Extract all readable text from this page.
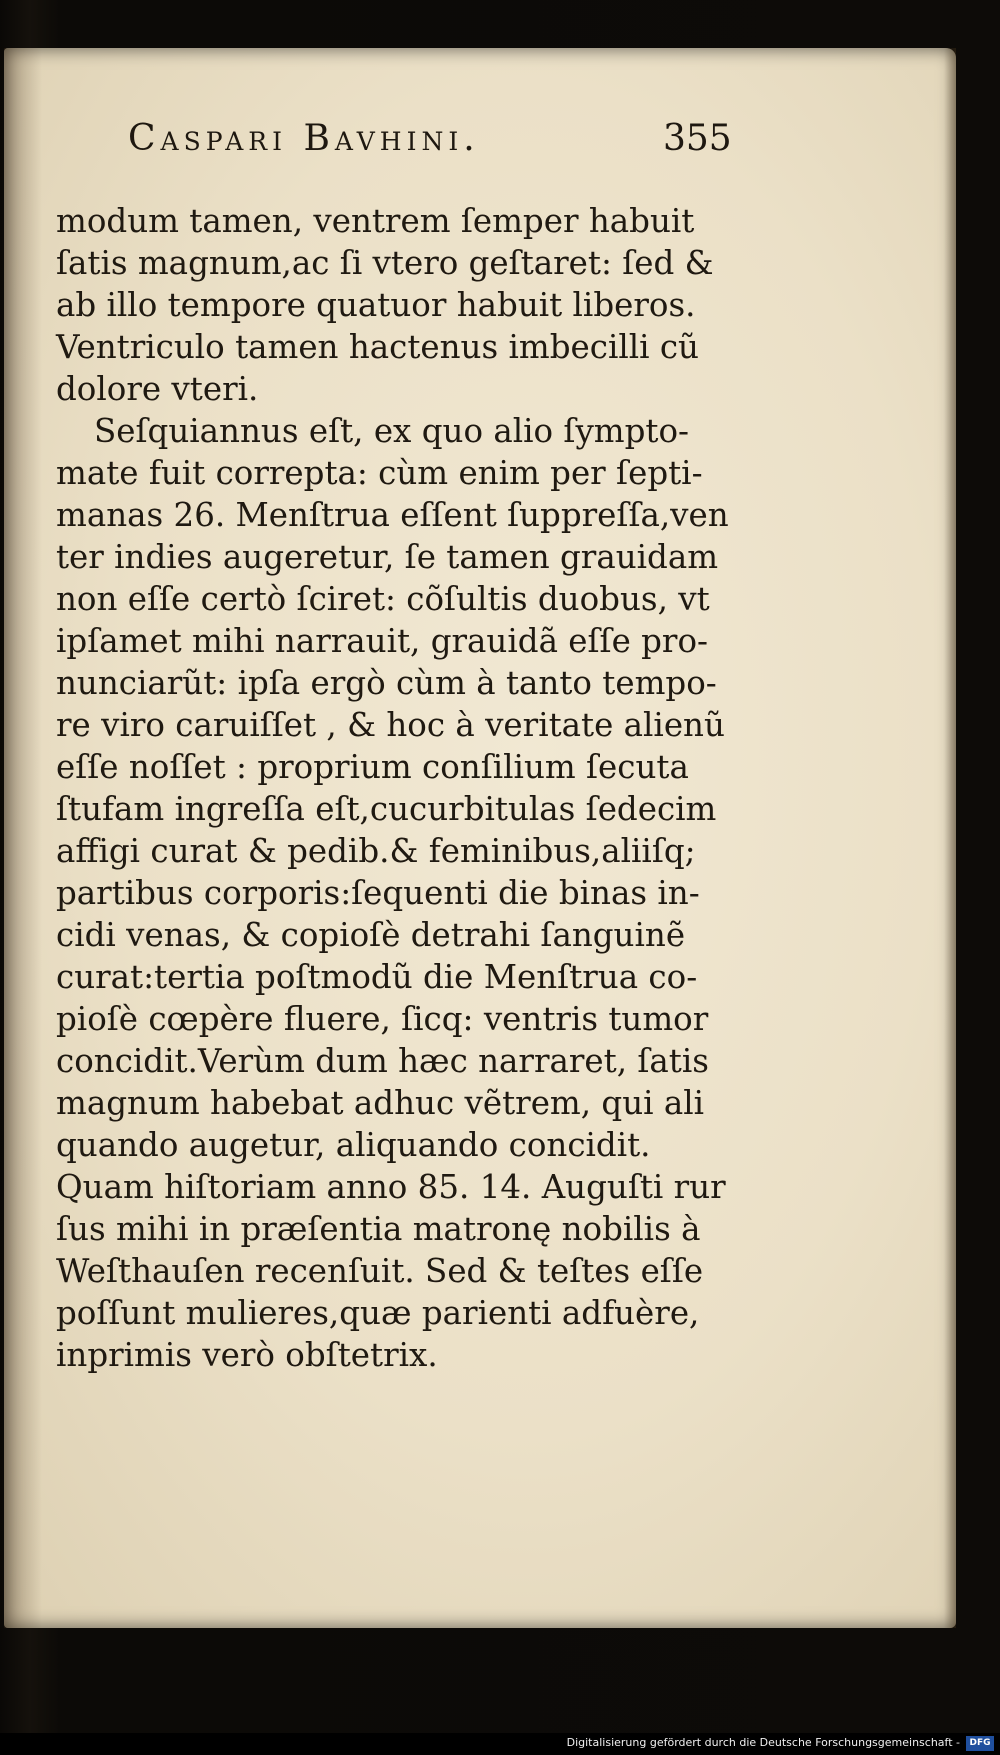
Caspari Bavhini.	355
modum tamen, ventrem ſemper habuit
ſatis magnum,ac ſi vtero geſtaret: ſed &
ab illo tempore quatuor habuit liberos.
Ventriculo tamen hactenus imbecilli cũ
dolore vteri.
Seſquiannus eſt, ex quo alio ſympto-
mate fuit correpta: cùm enim per ſepti-
manas 26. Menſtrua eſſent ſuppreſſa,ven
ter indies augeretur, ſe tamen grauidam
non eſſe certò ſciret: cõſultis duobus, vt
ipſamet mihi narrauit, grauidã eſſe pro-
nunciarũt: ipſa ergò cùm à tanto tempo-
re viro caruiſſet , & hoc à veritate alienũ
eſſe noſſet : proprium conſilium ſecuta
ſtufam ingreſſa eſt,cucurbitulas ſedecim
affigi curat & pedib.& feminibus,aliiſq;
partibus corporis:ſequenti die binas in-
cidi venas, & copioſè detrahi ſanguinẽ
curat:tertia poſtmodũ die Menſtrua co-
pioſè cœpère fluere, ſicq: ventris tumor
concidit.Verùm dum hæc narraret, ſatis
magnum habebat adhuc vẽtrem, qui ali
quando augetur, aliquando concidit.
Quam hiſtoriam anno 85. 14. Auguſti rur
ſus mihi in præſentia matronę nobilis à
Weſthauſen recenſuit. Sed & teſtes eſſe
poſſunt mulieres,quæ parienti adfuère,
inprimis verò obſtetrix.
Digitalisierung gefördert durch die Deutsche Forschungsgemeinschaft -	DFG
